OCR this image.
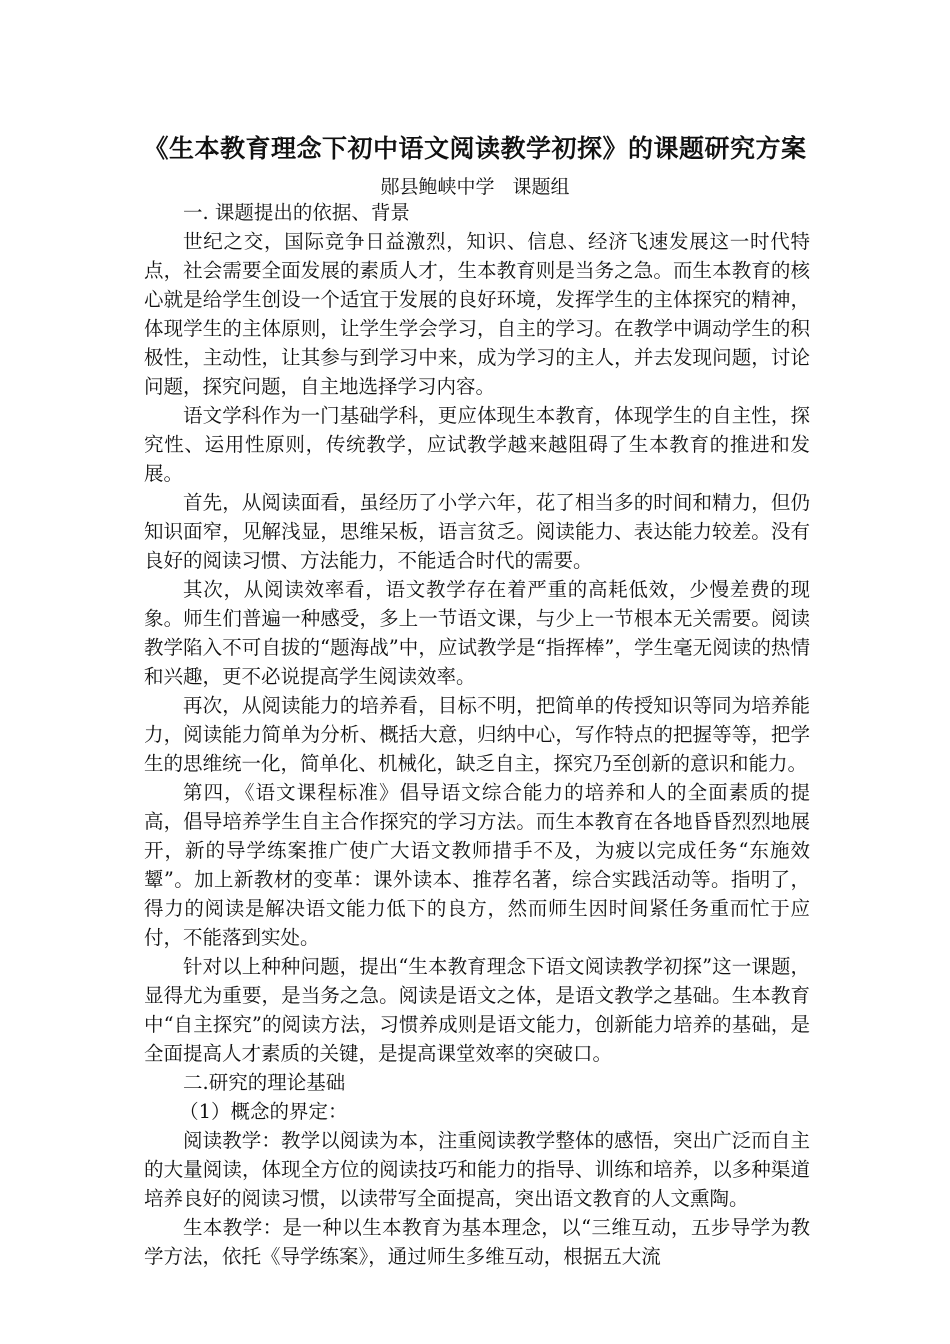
《生本教育理念下初中语文阅读教学初探》的课题研究方案
郧县鲍峡中学   课题组

一. 课题提出的依据、背景

世纪之交，国际竞争日益激烈，知识、信息、经济飞速发展这一时代特点，社会需要全面发展的素质人才，生本教育则是当务之急。而生本教育的核心就是给学生创设一个适宜于发展的良好环境，发挥学生的主体探究的精神，体现学生的主体原则，让学生学会学习，自主的学习。在教学中调动学生的积极性，主动性，让其参与到学习中来，成为学习的主人，并去发现问题，讨论问题，探究问题，自主地选择学习内容。

语文学科作为一门基础学科，更应体现生本教育，体现学生的自主性，探究性、运用性原则，传统教学，应试教学越来越阻碍了生本教育的推进和发展。

首先，从阅读面看，虽经历了小学六年，花了相当多的时间和精力，但仍知识面窄，见解浅显，思维呆板，语言贫乏。阅读能力、表达能力较差。没有良好的阅读习惯、方法能力，不能适合时代的需要。

其次，从阅读效率看，语文教学存在着严重的高耗低效，少慢差费的现象。师生们普遍一种感受，多上一节语文课，与少上一节根本无关需要。阅读教学陷入不可自拔的“题海战”中，应试教学是“指挥棒”，学生毫无阅读的热情和兴趣，更不必说提高学生阅读效率。

再次，从阅读能力的培养看，目标不明，把简单的传授知识等同为培养能力，阅读能力简单为分析、概括大意，归纳中心，写作特点的把握等等，把学生的思维统一化，简单化、机械化，缺乏自主，探究乃至创新的意识和能力。

第四，《语文课程标准》倡导语文综合能力的培养和人的全面素质的提高，倡导培养学生自主合作探究的学习方法。而生本教育在各地昏昏烈烈地展开，新的导学练案推广使广大语文教师措手不及，为疲以完成任务“东施效颦”。加上新教材的变革：课外读本、推荐名著，综合实践活动等。指明了，得力的阅读是解决语文能力低下的良方，然而师生因时间紧任务重而忙于应付，不能落到实处。

针对以上种种问题，提出“生本教育理念下语文阅读教学初探”这一课题，显得尤为重要，是当务之急。阅读是语文之体，是语文教学之基础。生本教育中“自主探究”的阅读方法，习惯养成则是语文能力，创新能力培养的基础，是全面提高人才素质的关键，是提高课堂效率的突破口。

二.研究的理论基础

（1）概念的界定：

阅读教学：教学以阅读为本，注重阅读教学整体的感悟，突出广泛而自主的大量阅读，体现全方位的阅读技巧和能力的指导、训练和培养，以多种渠道培养良好的阅读习惯，以读带写全面提高，突出语文教育的人文熏陶。

生本教学：是一种以生本教育为基本理念，以“三维互动，五步导学为教学方法，依托《导学练案》，通过师生多维互动，根据五大流
